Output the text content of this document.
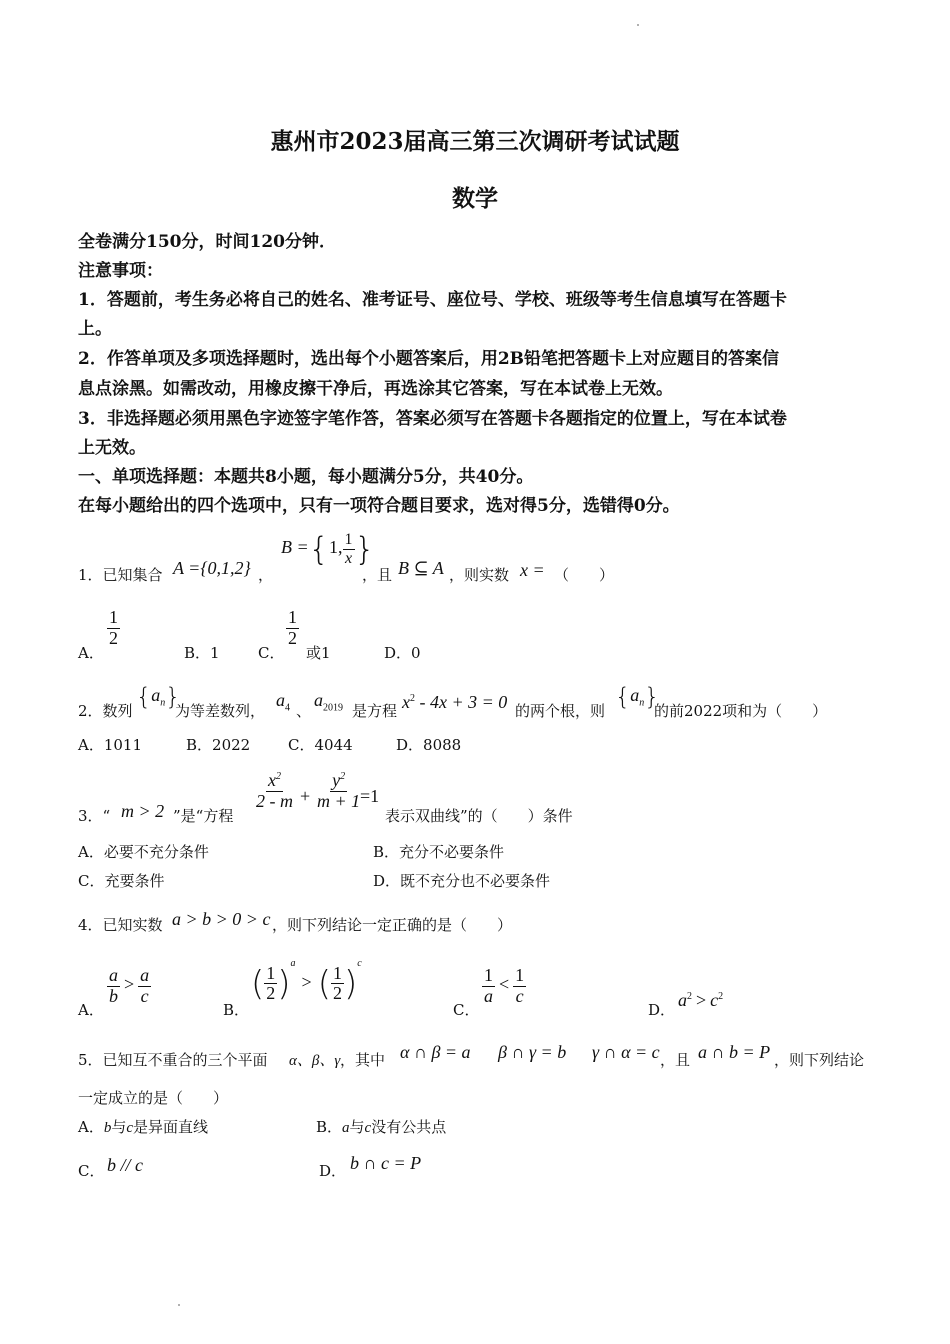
惠州市2023届高三第三次调研考试试题
数学
全卷满分150分，时间120分钟．
注意事项：
1．答题前，考生务必将自己的姓名、准考证号、座位号、学校、班级等考生信息填写在答题卡
上。
2．作答单项及多项选择题时，选出每个小题答案后，用2B铅笔把答题卡上对应题目的答案信
息点涂黑。如需改动，用橡皮擦干净后，再选涂其它答案，写在本试卷上无效。
3．非选择题必须用黑色字迹签字笔作答，答案必须写在答题卡各题指定的位置上，写在本试卷
上无效。
一、单项选择题：本题共8小题，每小题满分5分，共40分。
在每小题给出的四个选项中，只有一项符合题目要求，选对得5分，选错得0分。
1．已知集合 A ={0,1,2} ，
B ={1, $\frac{1}{x}$ }
，且 B ⊆ A ，则实数 x = （　　）
A．
$\frac{1}{2}$
B．1	C．
$\frac{1}{2}$
或1	D．0
2．数列 $\{a_n\}$
为等差数列，
$a_4$ 、
$a_{2019}$ 是方程 $x^2 - 4x + 3 = 0$ 的两个根，则 $\{a_n\}$
的前2022项和为（　　）
A．1011	B．2022	C．4044	D．8088
3．“ m > 2 ”是“方程
$\frac{x^2}{2 - m} + \frac{y^2}{m + 1}$
=1
表示双曲线”的（　　）条件
A．必要不充分条件	B．充分不必要条件
C．充要条件	D．既不充分也不必要条件
4．已知实数 a > b > 0 > c ，则下列结论一定正确的是（　　）
A．
$\frac{a}{b} > \frac{a}{c}$
B．
( $\frac{1}{2} )^a>$ ( $\frac{1}{2} )^c$
C．
$\frac{1}{a} < \frac{1}{c}$
D． $a^2 > c^2$
5．已知互不重合的三个平面 α、β、γ ，其中 α ∩ β = a β ∩ γ = b γ ∩ α = c ，且 a ∩ b = P ，则下列结论
一定成立的是（　　）
A．b与c是异面直线	B．a与c没有公共点
C． b // c	D． b ∩ c = P
